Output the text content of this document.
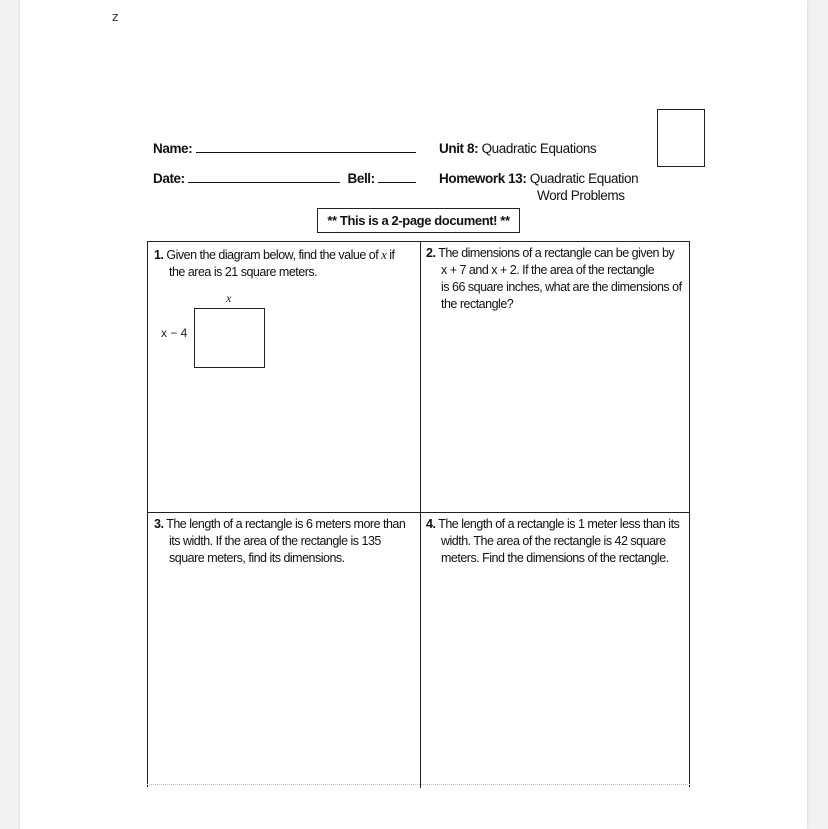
z
Name:
Date:	Bell:
Unit 8: Quadratic Equations
Homework 13: Quadratic Equation
Word Problems
** This is a 2-page document! **
1. Given the diagram below, find the value of x if
the area is 21 square meters.
2. The dimensions of a rectangle can be given by
x + 7 and x + 2. If the area of the rectangle
is 66 square inches, what are the dimensions of
the rectangle?
3. The length of a rectangle is 6 meters more than
its width. If the area of the rectangle is 135
square meters, find its dimensions.
4. The length of a rectangle is 1 meter less than its
width. The area of the rectangle is 42 square
meters. Find the dimensions of the rectangle.
x
x − 4
